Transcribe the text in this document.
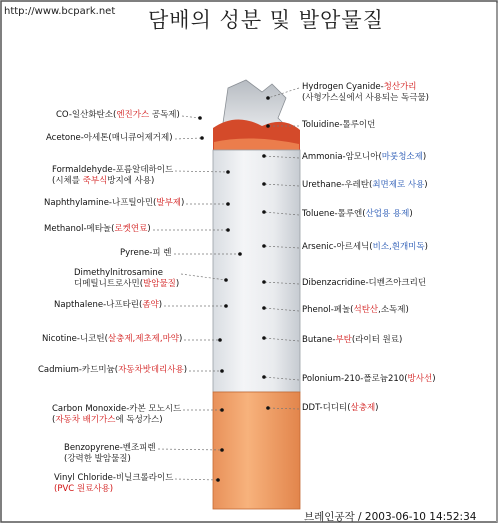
http://www.bcpark.net 담배의 성분 및 발암물질
브레인공작 / 2003-06-10 14:52:34
CO-일산화탄소(엔진가스 공독제)
Acetone-아세톤(매니큐어제거제)
Formaldehyde-포름알데하이드
(시체를 죽부식방지에 사용)
Naphthylamine-나프틸아민(발부제)
Methanol-메타놀(로켓연료)
Pyrene-피 렌
Dimethylnitrosamine
디메틸니트로사민(발암물질)
Napthalene-나프타린(좀약)
Nicotine-니코틴(살충제,제초제,마약)
Cadmium-카드미늄(자동차밧데리사용)
Carbon Monoxide-카본 모노시드
(자동차 배기가스에 독성가스)
Benzopyrene-벤조피렌
(강력한 발암물질)
Vinyl Chloride-비닐크롤라이드
(PVC 원료사용)
Hydrogen Cyanide-청산가리
(사형가스실에서 사용되는 독극물)
Toluidine-톨루이던
Ammonia-암모니아(마룻청소제)
Urethane-우레탄(최면제로 사용)
Toluene-톨루엔(산업용 용제)
Arsenic-아르세닉(비소,흰개미독)
Dibenzacridine-디벤즈아크리딘
Phenol-페놀(석탄산,소독제)
Butane-부탄(라이터 원료)
Polonium-210-폴로늄210(방사선)
DDT-디디티(살충제)
